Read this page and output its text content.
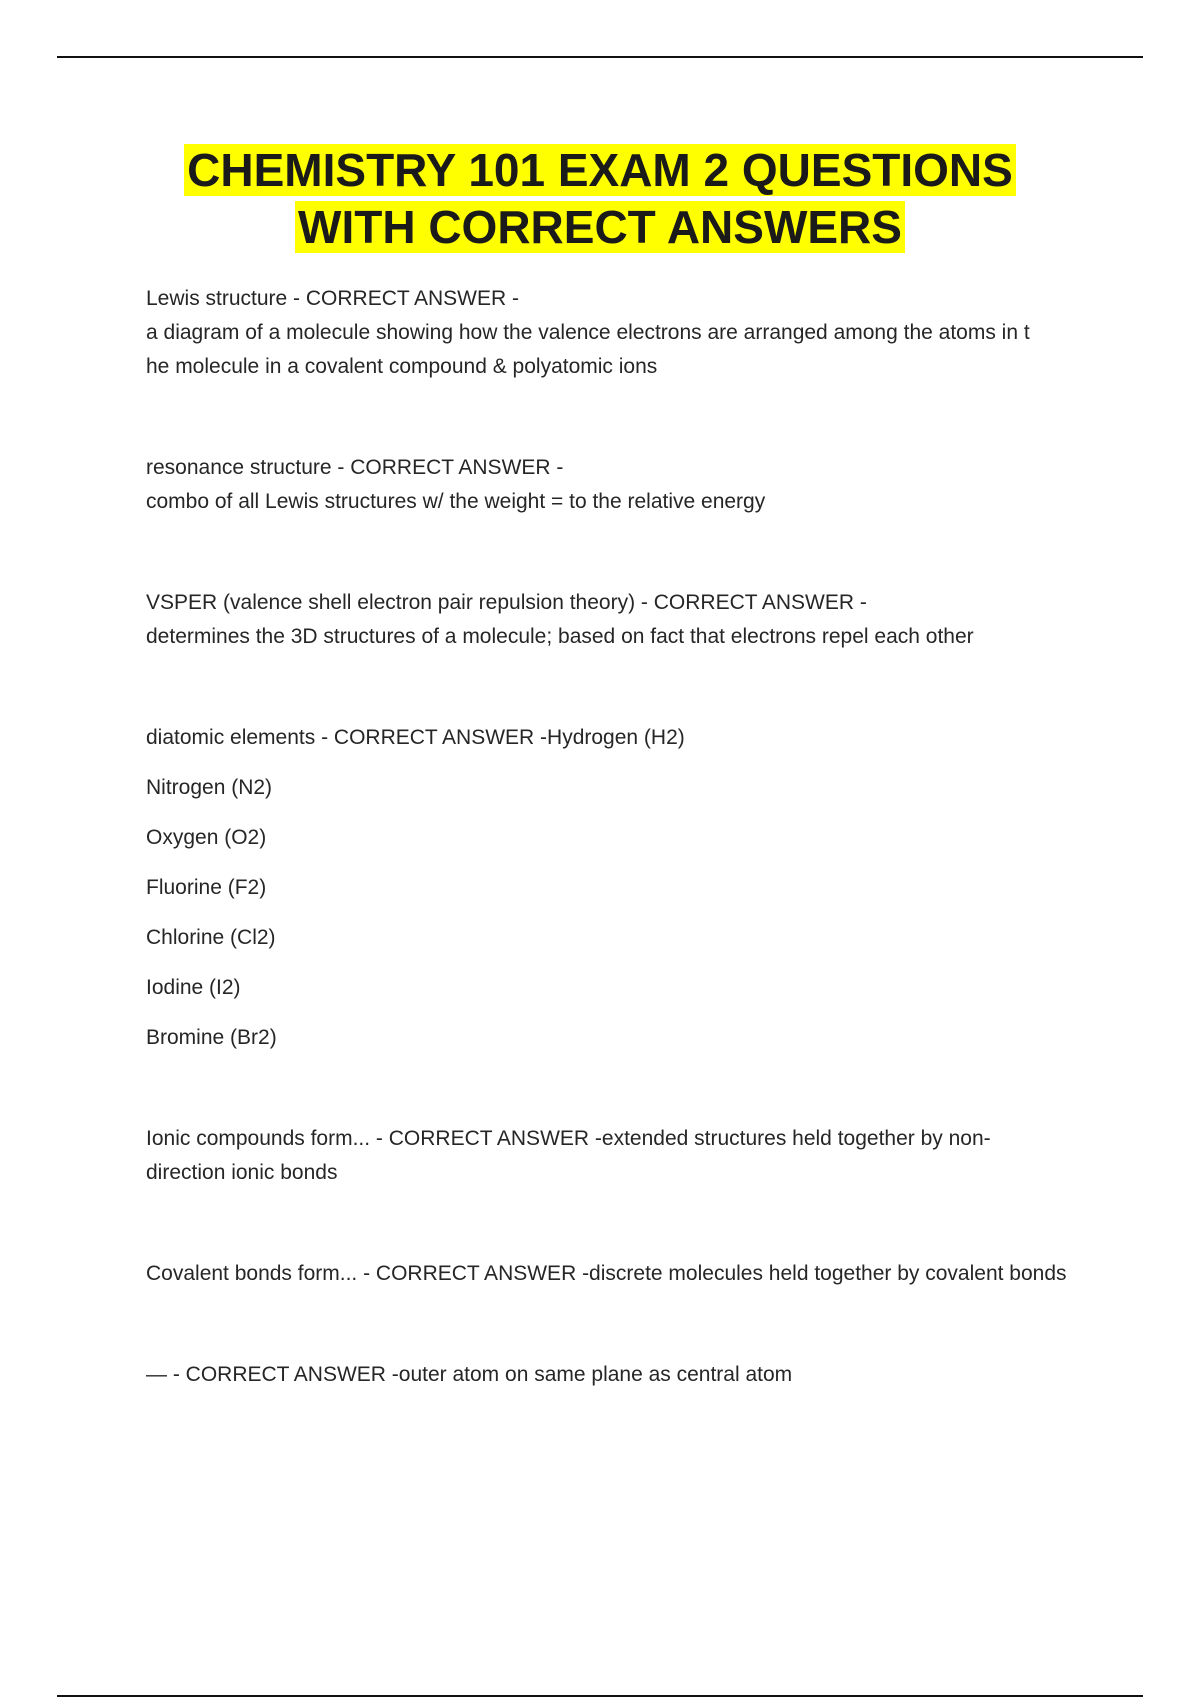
CHEMISTRY 101 EXAM 2 QUESTIONS
WITH CORRECT ANSWERS

Lewis structure - CORRECT ANSWER -

a diagram of a molecule showing how the valence electrons are arranged among the atoms in t

he molecule in a covalent compound & polyatomic ions

resonance structure - CORRECT ANSWER -

combo of all Lewis structures w/ the weight = to the relative energy

VSPER (valence shell electron pair repulsion theory) - CORRECT ANSWER -

determines the 3D structures of a molecule; based on fact that electrons repel each other

diatomic elements - CORRECT ANSWER -Hydrogen (H2)

Nitrogen (N2)

Oxygen (O2)

Fluorine (F2)

Chlorine (Cl2)

Iodine (I2)

Bromine (Br2)

Ionic compounds form... - CORRECT ANSWER -extended structures held together by non-

direction ionic bonds

Covalent bonds form... - CORRECT ANSWER -discrete molecules held together by covalent bonds

— - CORRECT ANSWER -outer atom on same plane as central atom
